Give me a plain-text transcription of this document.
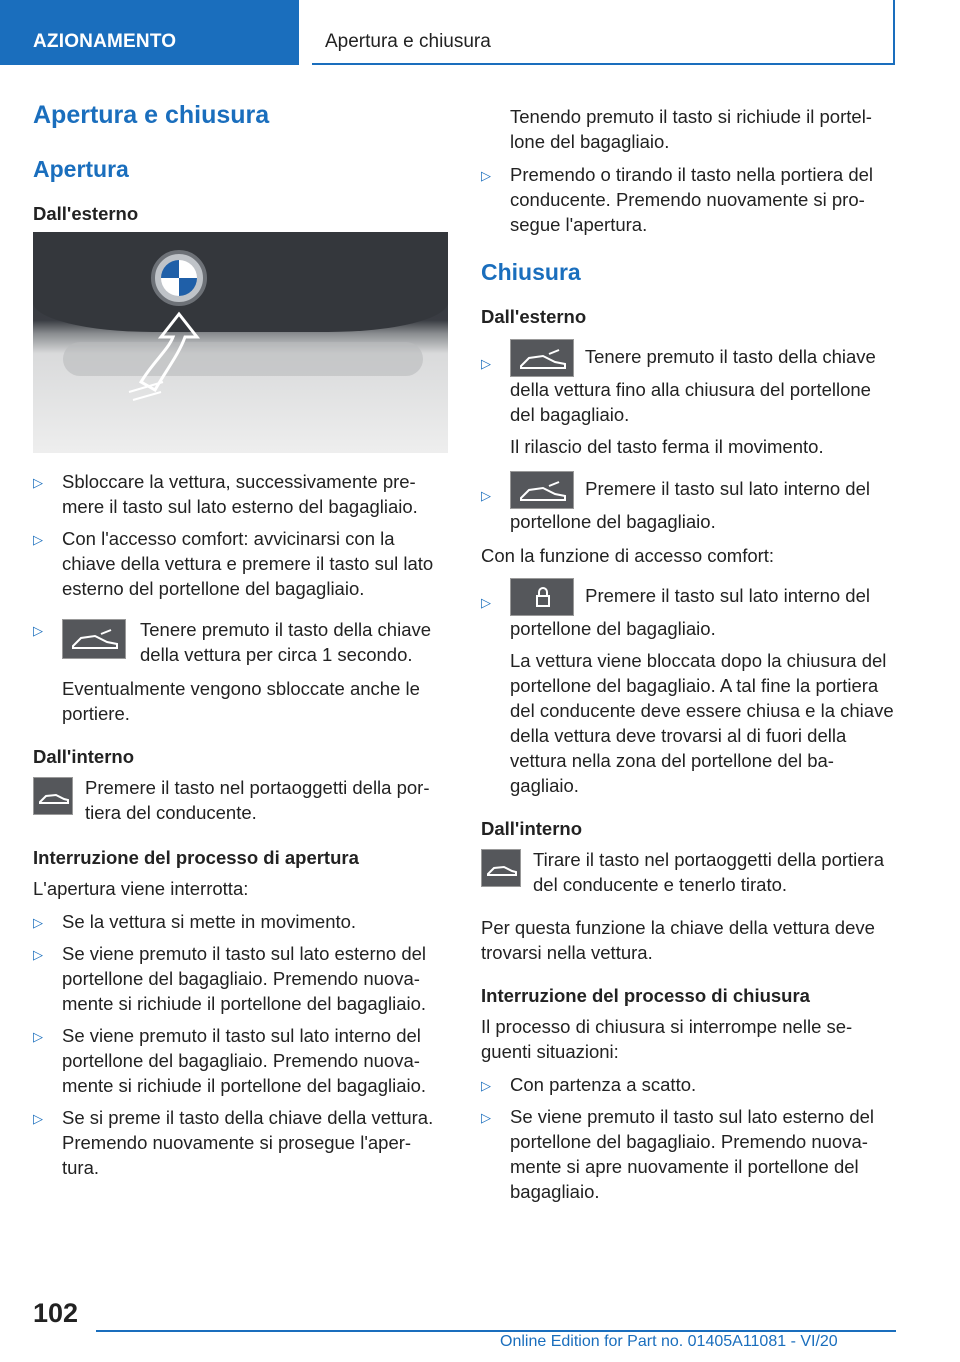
AZIONAMENTO	Apertura e chiusura
Apertura e chiusura
Apertura
Dall'esterno
▷ Sbloccare la vettura, successivamente pre- mere il tasto sul lato esterno del bagagliaio.
▷ Con l'accesso comfort: avvicinarsi con la chiave della vettura e premere il tasto sul lato esterno del portellone del bagagliaio.
▷	Tenere premuto il tasto della chiave della vettura per circa 1 secondo.
Eventualmente vengono sbloccate anche le portiere.
Dall'interno
Premere il tasto nel portaoggetti della por- tiera del conducente.
Interruzione del processo di apertura
L'apertura viene interrotta:
▷ Se la vettura si mette in movimento.
▷ Se viene premuto il tasto sul lato esterno del portellone del bagagliaio. Premendo nuova- mente si richiude il portellone del bagagliaio.
▷ Se viene premuto il tasto sul lato interno del portellone del bagagliaio. Premendo nuova- mente si richiude il portellone del bagagliaio.
▷ Se si preme il tasto della chiave della vettura. Premendo nuovamente si prosegue l'aper- tura.
Tenendo premuto il tasto si richiude il portel- lone del bagagliaio.
▷ Premendo o tirando il tasto nella portiera del conducente. Premendo nuovamente si pro- segue l'apertura.
Chiusura
Dall'esterno
▷	Tenere premuto il tasto della chiave della vettura fino alla chiusura del portellone del bagagliaio.
Il rilascio del tasto ferma il movimento.
▷	Premere il tasto sul lato interno del portellone del bagagliaio.
Con la funzione di accesso comfort:
▷	Premere il tasto sul lato interno del portellone del bagagliaio.
La vettura viene bloccata dopo la chiusura del portellone del bagagliaio. A tal fine la portiera del conducente deve essere chiusa e la chiave della vettura deve trovarsi al di fuori della vettura nella zona del portellone del ba- gagliaio.
Dall'interno
Tirare il tasto nel portaoggetti della portiera del conducente e tenerlo tirato.
Per questa funzione la chiave della vettura deve trovarsi nella vettura.
Interruzione del processo di chiusura
Il processo di chiusura si interrompe nelle se- guenti situazioni:
▷ Con partenza a scatto.
▷ Se viene premuto il tasto sul lato esterno del portellone del bagagliaio. Premendo nuova- mente si apre nuovamente il portellone del bagagliaio.
102
Online Edition for Part no. 01405A11081 - VI/20
